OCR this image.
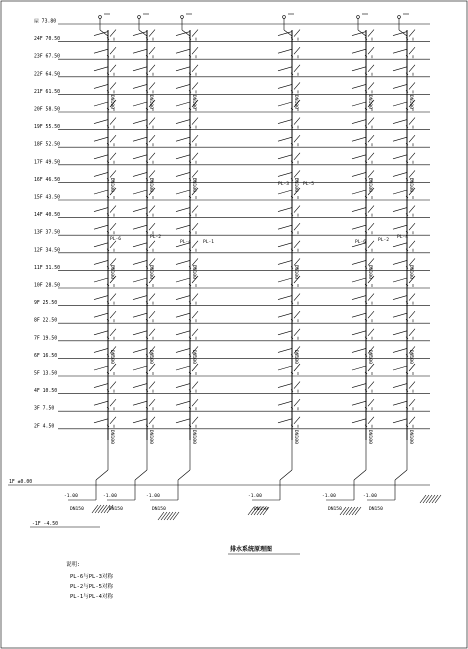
屋 73.80
24F 70.50
23F 67.50
22F 64.50
21F 61.50
20F 58.50
19F 55.50
18F 52.50
17F 49.50
16F 46.50
15F 43.50
14F 40.50
13F 37.50
12F 34.50
11F 31.50
10F 28.50
9F 25.50
8F 22.50
7F 19.50
6F 16.50
5F 13.50
4F 10.50
3F 7.50
2F 4.50
1F ±0.00
-1F -4.50
DN100
DN100
DN100
DN100
DN100
-1.00
DN150
DN100
DN100
DN100
DN100
DN100
-1.00
DN150
DN100
DN100
DN100
DN100
DN100
-1.00
DN150
DN100
DN100
DN100
DN100
DN100
-1.00
DN150
DN100
DN100
DN100
DN100
DN100
-1.00
DN150
DN100
DN100
DN100
DN100
DN100
-1.00
DN150
PL-6	PL-2
PL-4	PL-1
PL-3	PL-5
PL-6	PL-2
PL-4
排水系统原理图
说明:
PL-6与PL-3对称
PL-2与PL-5对称
PL-1与PL-4对称
